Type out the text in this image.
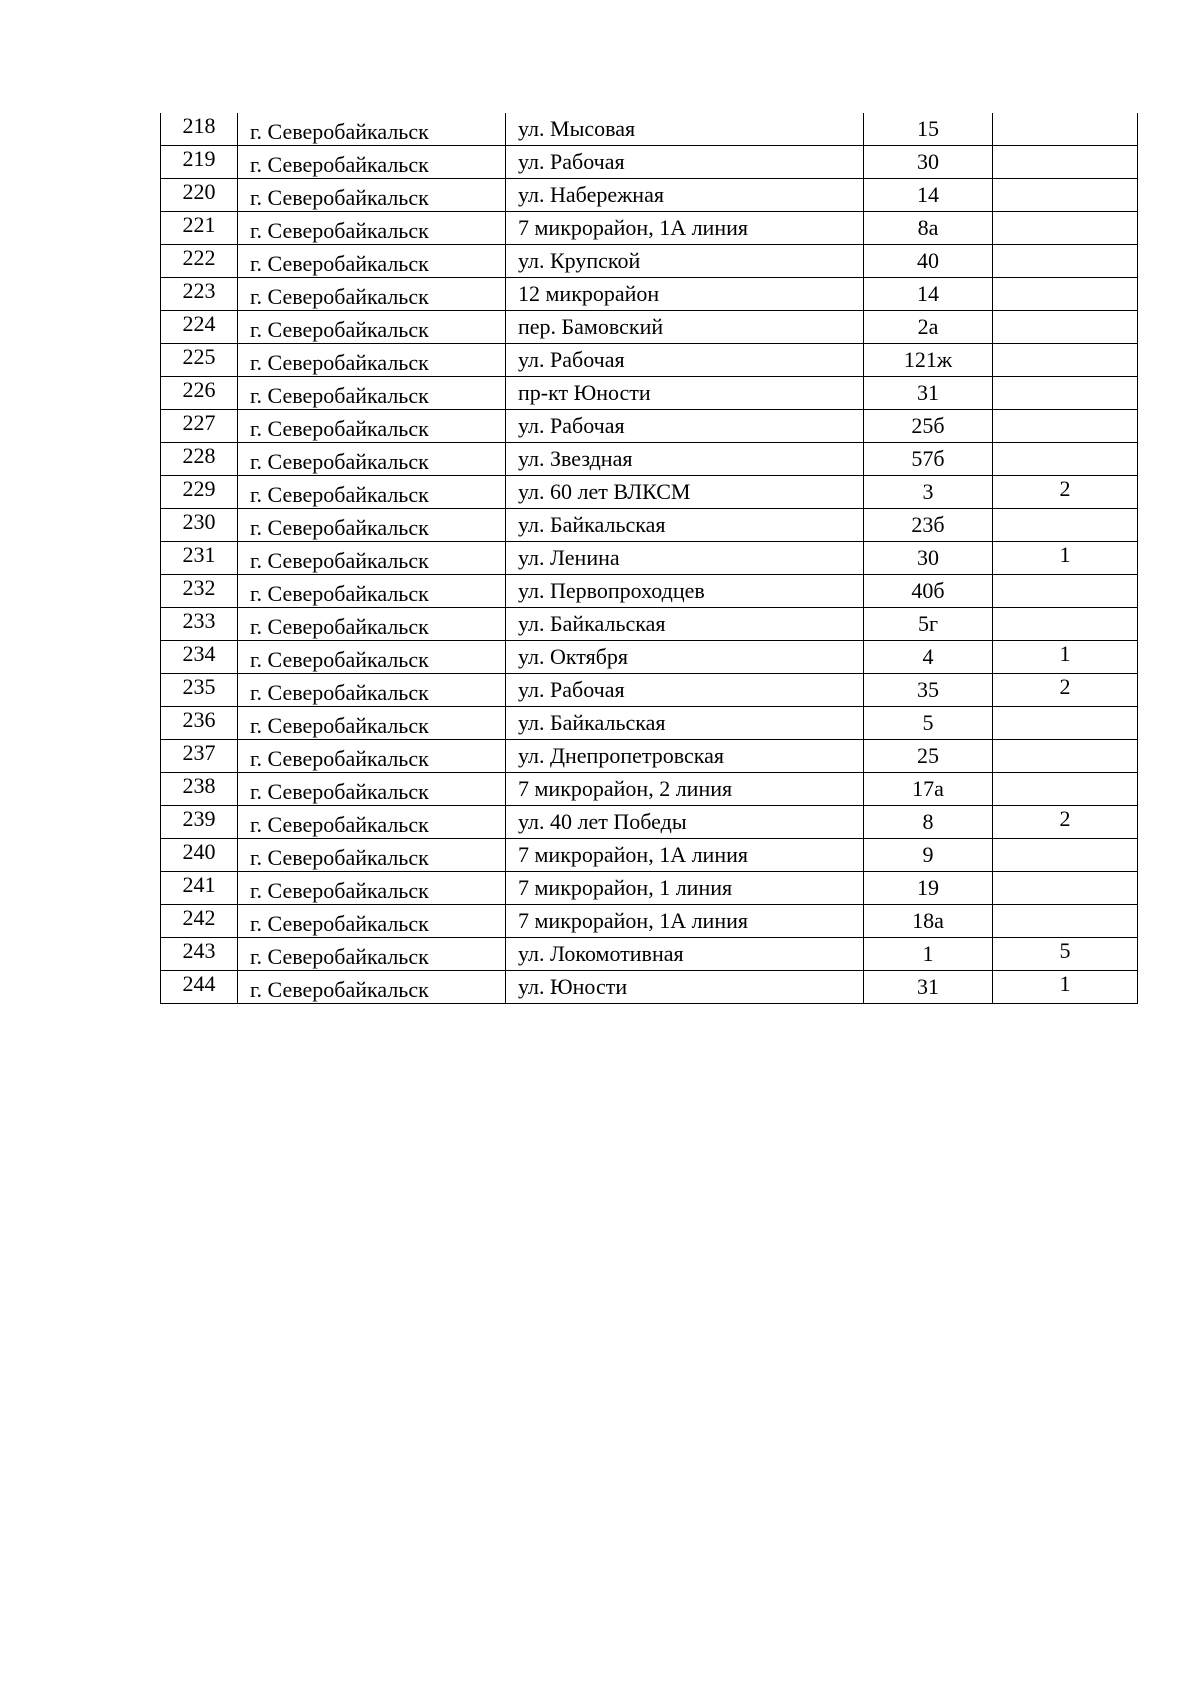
218	г. Северобайкальск	ул. Мысовая	15	
219	г. Северобайкальск	ул. Рабочая	30	
220	г. Северобайкальск	ул. Набережная	14	
221	г. Северобайкальск	7 микрорайон, 1А линия	8а	
222	г. Северобайкальск	ул. Крупской	40	
223	г. Северобайкальск	12 микрорайон	14	
224	г. Северобайкальск	пер. Бамовский	2а	
225	г. Северобайкальск	ул. Рабочая	121ж	
226	г. Северобайкальск	пр-кт Юности	31	
227	г. Северобайкальск	ул. Рабочая	25б	
228	г. Северобайкальск	ул. Звездная	57б	
229	г. Северобайкальск	ул. 60 лет ВЛКСМ	3	2
230	г. Северобайкальск	ул. Байкальская	23б	
231	г. Северобайкальск	ул. Ленина	30	1
232	г. Северобайкальск	ул. Первопроходцев	40б	
233	г. Северобайкальск	ул. Байкальская	5г	
234	г. Северобайкальск	ул. Октября	4	1
235	г. Северобайкальск	ул. Рабочая	35	2
236	г. Северобайкальск	ул. Байкальская	5	
237	г. Северобайкальск	ул. Днепропетровская	25	
238	г. Северобайкальск	7 микрорайон, 2 линия	17а	
239	г. Северобайкальск	ул. 40 лет Победы	8	2
240	г. Северобайкальск	7 микрорайон, 1А линия	9	
241	г. Северобайкальск	7 микрорайон, 1 линия	19	
242	г. Северобайкальск	7 микрорайон, 1А линия	18а	
243	г. Северобайкальск	ул. Локомотивная	1	5
244	г. Северобайкальск	ул. Юности	31	1
